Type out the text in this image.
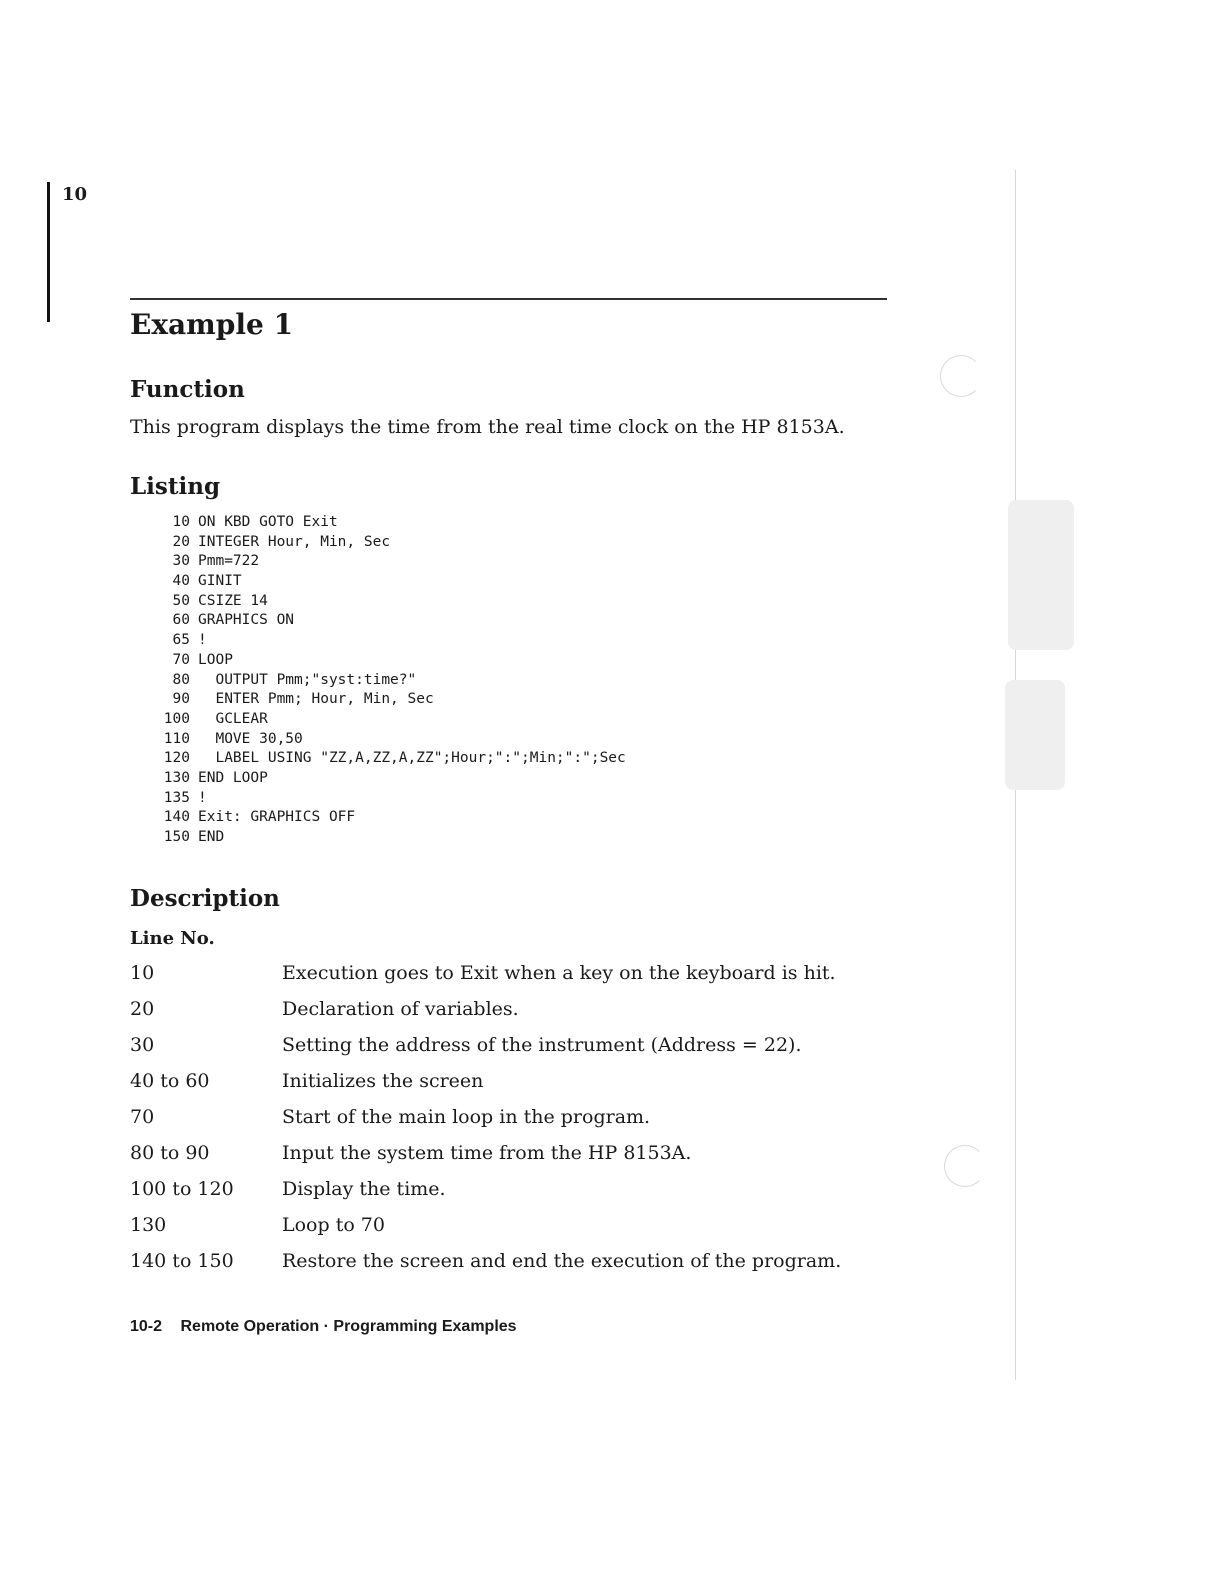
10
Example 1
Function

This program displays the time from the real time clock on the HP 8153A.

Listing
10 ON KBD GOTO Exit
20 INTEGER Hour, Min, Sec
30 Pmm=722
40 GINIT
50 CSIZE 14
60 GRAPHICS ON
65 !
70 LOOP
80 OUTPUT Pmm;"syst:time?"
90 ENTER Pmm; Hour, Min, Sec
100 GCLEAR
110 MOVE 30,50
120 LABEL USING "ZZ,A,ZZ,A,ZZ";Hour;":";Min;":";Sec
130 END LOOP
135 !
140 Exit: GRAPHICS OFF
150 END
Description
Line No.
10	Execution goes to Exit when a key on the keyboard is hit.
20	Declaration of variables.
30	Setting the address of the instrument (Address = 22).
40 to 60	Initializes the screen
70	Start of the main loop in the program.
80 to 90	Input the system time from the HP 8153A.
100 to 120	Display the time.
130	Loop to 70
140 to 150	Restore the screen and end the execution of the program.
10-2 Remote Operation · Programming Examples
